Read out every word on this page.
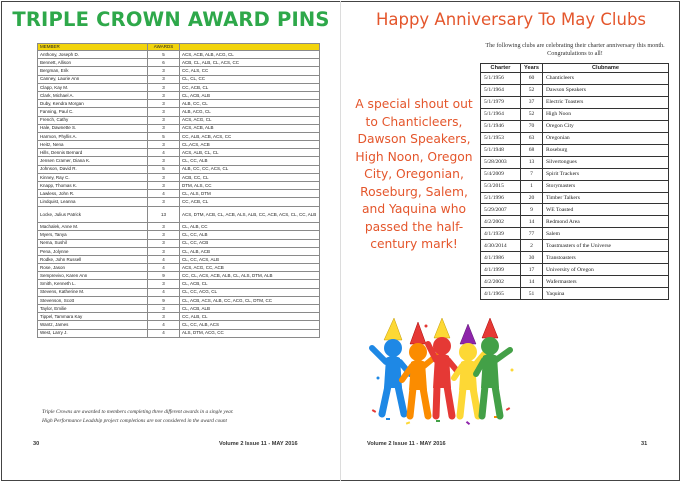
TRIPLE CROWN AWARD PINS
MEMBER	AWARDS	
Anthony, Joseph D.	5	ACS, ACB, ALB, ACG, CL
Bennett, Allison	6	ACB, CL, ALB, CL, ACS, CC
Bergman, Erik	3	CC, ALS, CC
Canney, Laurie Ann	3	CL, CL, CC
Clapp, Kay M.	3	CC, ACB, CL
Clark, Michael A.	3	CL, ACB, ALB
Duby, Kendra Morgan	3	ALB, CC, CL
Fanning, Paul C.	3	ALB, ACG, CL
French, Cathy	3	ACS, ACG, CL
Hale, Dawnette S.	3	ACS, ACB, ALB
Harmon, Phyllis A.	5	CC, ALB, ACB, ACS, CC
Heitz, Nena	3	CL,ACS, ACB
Hills, Dennis Bernard	4	ACS, ALB, CL, CL
Jensen Cramer, Diana K.	3	CL, CC, ALB
Johnson, David R.	5	ALB, CC, CC, ACS, CL
Kinney, Ray C.	3	ACB, CC, CL
Knapp, Thomas K.	3	DTM, ALS, CC
Lawless, John R.	4	CL, ALS, DTM
Lindquist, Leanna	3	CC, ACB, CL
Locke, Julius Patrick	13	ACS, DTM, ACB, CL, ACB, ALS, ALB, CC, ACB, ACS, CL, CC, ALB
Machalek, Anne M.	3	CL, ALB, CC
Myers, Tanya	3	CL, CC, ALB
Nema, Sushil	3	CL, CC, ACB
Pena, Jolynne	3	CL, ALB, ACB
Rodke, John Russell	4	CL, CC, ACS, ALB
Rose, Jason	4	ACS, ACG, CC, ACB
Semprevivo, Karen Ann	9	CC, CL, ACS, ACB, ALB, CL, ALS, DTM, ALB
Smith, Kenneth L.	3	CL, ACB, CL
Stevens, Katherine M.	4	CL, CC, ACG, CL
Stevenson, Scott	9	CL, ACB, ACS, ALB, CC, ACG, CL, DTM, CC
Taylor, Emilie	3	CL, ACB, ALB
Tippel, Tammara Kay	3	CC, ALB, CL
Wantz, James	4	CL, CC, ALB, ACS
West, Larry J.	4	ALS, DTM, ACG, CC
Triple Crowns are awarded to members completing three different awards in a single year.
High Performance Leadship project completions are not considered in the award count
30	Volume 2 Issue 11 - MAY 2016
Happy Anniversary To May Clubs
The following clubs are celebrating their charter anniversary this month. Congratulations to all!
Charter	Years	Clubname
5/1/1956	60	Chanticleers
5/1/1964	52	Dawson Speakers
5/1/1979	37	Electric Toasters
5/1/1964	52	High Noon
5/1/1946	70	Oregon City
5/1/1953	63	Oregonian
5/1/1948	68	Roseburg
5/28/2003	13	Silvertongues
5/4/2009	7	Spirit Trackers
5/3/2015	1	Storymasters
5/1/1996	20	Timber Talkers
5/29/2007	9	WE Toasted
4/2/2002	14	Redmond Area
4/1/1939	77	Salem
4/30/2014	2	Toastmasters of the Universe
4/1/1986	30	Transtoasters
4/1/1999	17	University of Oregon
4/2/2002	14	Wafermasters
4/1/1965	51	Yaquina
A special shout out to Chanticleers, Dawson Speakers, High Noon, Oregon City, Oregonian, Roseburg, Salem, and Yaquina who passed the half-century mark!
Volume 2 Issue 11 - MAY 2016	31
